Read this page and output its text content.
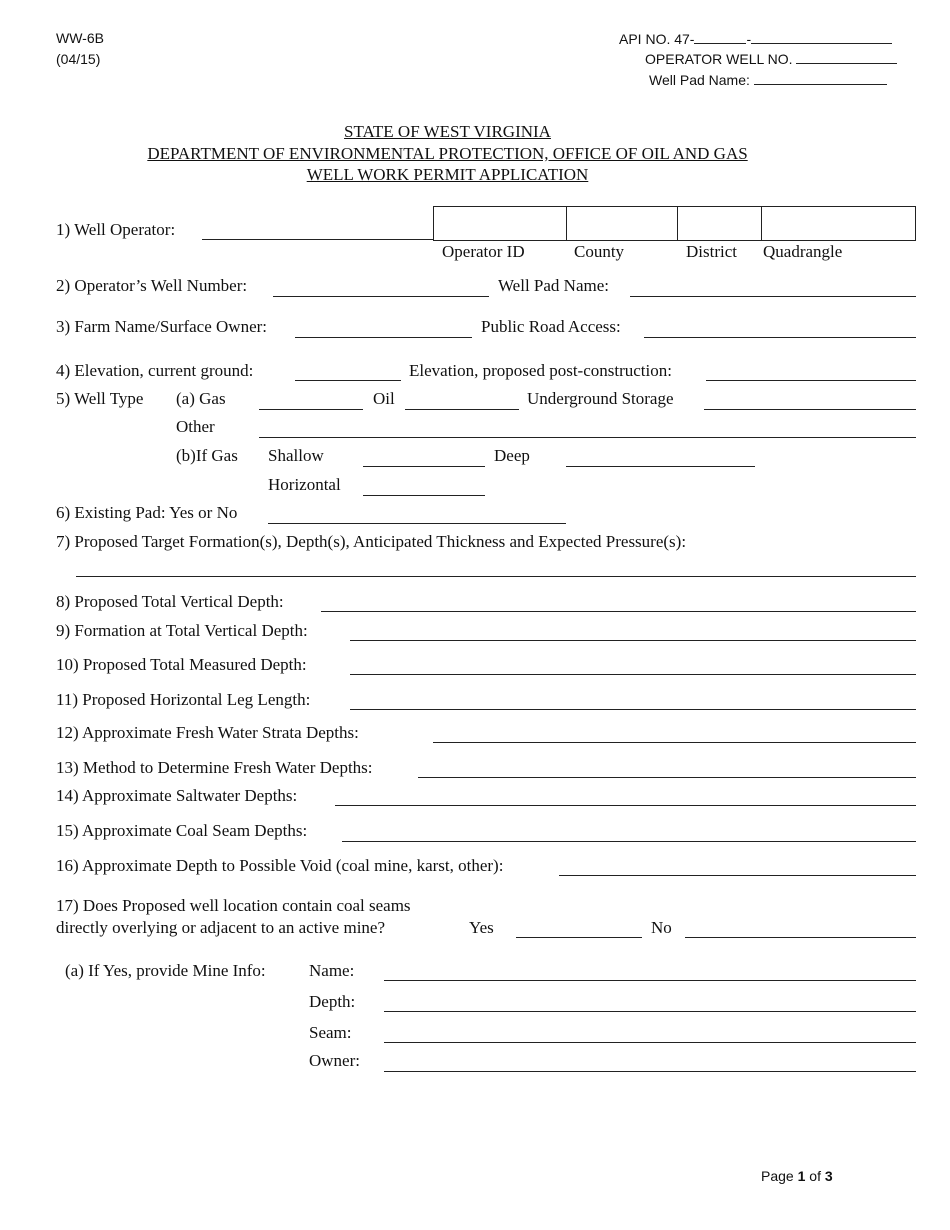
WW-6B
(04/15)
API NO. 47-	-
OPERATOR WELL NO.
Well Pad Name:
STATE OF WEST VIRGINIA
DEPARTMENT OF ENVIRONMENTAL PROTECTION, OFFICE OF OIL AND GAS
WELL WORK PERMIT APPLICATION
1) Well Operator:
Operator ID	County	District Quadrangle
2) Operator’s Well Number:	Well Pad Name:
3) Farm Name/Surface Owner:	Public Road Access:
4) Elevation, current ground:	Elevation, proposed post-construction:
5) Well Type (a) Gas	Oil	Underground Storage
Other
(b)If Gas Shallow	Deep
Horizontal
6) Existing Pad: Yes or No
7) Proposed Target Formation(s), Depth(s), Anticipated Thickness and Expected Pressure(s):
8) Proposed Total Vertical Depth:
9) Formation at Total Vertical Depth:
10) Proposed Total Measured Depth:
11) Proposed Horizontal Leg Length:
12) Approximate Fresh Water Strata Depths:
13) Method to Determine Fresh Water Depths:
14) Approximate Saltwater Depths:
15) Approximate Coal Seam Depths:
16) Approximate Depth to Possible Void (coal mine, karst, other):
17) Does Proposed well location contain coal seams
directly overlying or adjacent to an active mine?	Yes	No
(a) If Yes, provide Mine Info:	Name:
Depth:
Seam:
Owner:
Page 1 of 3
